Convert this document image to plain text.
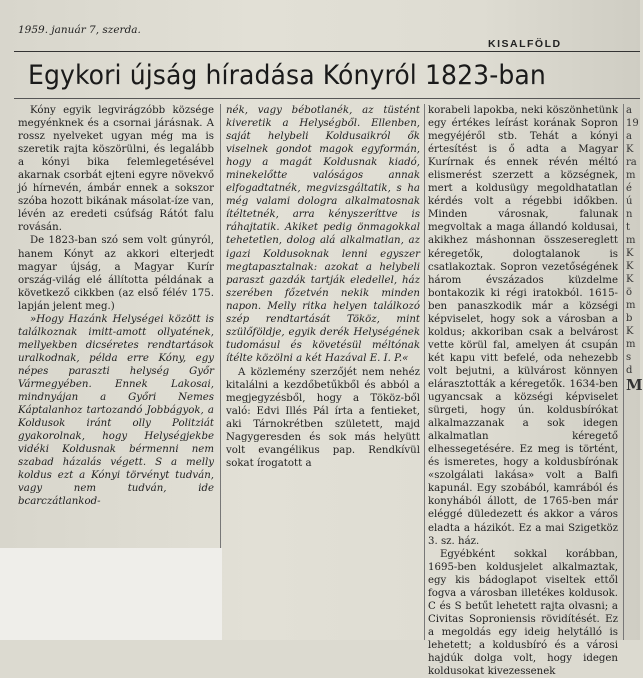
1959. január 7, szerda.
KISALFÖLD
Egykori újság híradása Kónyról 1823-ban

Kóny egyik legvirágzóbb községe megyénknek és a csornai járásnak. A rossz nyelveket ugyan még ma is szeretik rajta köszörülni, és legalább a kónyi bika felemlegetésével akarnak csorbát ejteni egyre növekvő jó hírnevén, ámbár ennek a sokszor szóba hozott bikának másolat-íze van, lévén az eredeti csúfság Rátót falu rovásán.

De 1823-ban szó sem volt gúnyról, hanem Kónyt az akkori elterjedt magyar újság, a Magyar Kurír ország-világ elé állította példának a következő cikkben (az első félév 175. lapján jelent meg.)

»Hogy Hazánk Helységei között is találkoznak imitt-amott ollyatének, mellyekben dicséretes rendtartások uralkodnak, példa erre Kóny, egy népes paraszti helység Győr Vármegyében. Ennek Lakosai, mindnyájan a Győri Nemes Káptalanhoz tartozandó Jobbágyok, a Koldusok iránt olly Politziát gyakorolnak, hogy Helységjekbe vidéki Koldusnak bérmenni nem szabad házalás végett. S a melly koldus ezt a Kónyi törvényt tudván, vagy nem tudván, ide bcarczátlankod-

nék, vagy bébotlanék, az tüstént kiveretik a Helységből. Ellenben, saját helybeli Koldusaikról ők viselnek gondot magok egyformán, hogy a magát Koldusnak kiadó, minekelőtte valóságos annak elfogadtatnék, megvizsgáltatik, s ha még valami dologra alkalmatosnak ítéltetnék, arra kényszeríttve is ráhajtatik. Akiket pedig önmagokkal tehetetlen, dolog alá alkalmatlan, az igazi Koldusoknak lenni egyszer megtapasztalnak: azokat a helybeli paraszt gazdák tartják eledellel, ház szerében főzetvén nekik minden napon. Melly ritka helyen találkozó szép rendtartását Tököz, mint szülőföldje, egyik derék Helységének tudomásul és követésül méltónak ítélte közölni a két Hazával E. I. P.«

A közlemény szerzőjét nem nehéz kitalálni a kezdőbetűkből és abból a megjegyzésből, hogy a Tököz-ből való: Edvi Illés Pál írta a fentieket, aki Tárnokrétben született, majd Nagygeresden és sok más helyütt volt evangélikus pap. Rendkívül sokat írogatott a

korabeli lapokba, neki köszönhetünk egy értékes leírást korának Sopron megyéjéről stb. Tehát a kónyi értesítést is ő adta a Magyar Kurírnak és ennek révén méltó elismerést szerzett a községnek, mert a koldusügy megoldhatatlan kérdés volt a régebbi időkben. Minden városnak, falunak megvoltak a maga állandó koldusai, akikhez máshonnan összesereglett kéregetők, dologtalanok is csatlakoztak. Sopron vezetőségének három évszázados küzdelme bontakozik ki régi iratokból. 1615-ben panaszkodik már a községi képviselet, hogy sok a városban a koldus; akkoriban csak a belvárost vette körül fal, amelyen át csupán két kapu vitt befelé, oda nehezebb volt bejutni, a külvárost könnyen elárasztották a kéregetők. 1634-ben ugyancsak a községi képviselet sürgeti, hogy ún. koldusbírókat alkalmazzanak a sok idegen alkalmatlan kéregető elhessegetésére. Ez meg is történt, és ismeretes, hogy a koldusbírónak «szolgálati lakása» volt a Balfi kapunál. Egy szobából, kamrából és konyhából állott, de 1765-ben már eléggé düledezett és akkor a város eladta a házikót. Ez a mai Szigetköz 3. sz. ház.

Egyébként sokkal korábban, 1695-ben koldusjelet alkalmaztak, egy kis bádoglapot viseltek ettől fogva a városban illetékes koldusok. C és S betűt lehetett rajta olvasni; a Civitas Soproniensis rövidítését. Ez a megoldás egy ideig helytálló is lehetett; a koldusbíró és a városi hajdúk dolga volt, hogy idegen koldusokat kivezessenek

a
19
a
K
ra
m
é
ú
n
t
m
K
K
K
ö
m
b
K
m
s
d
M
